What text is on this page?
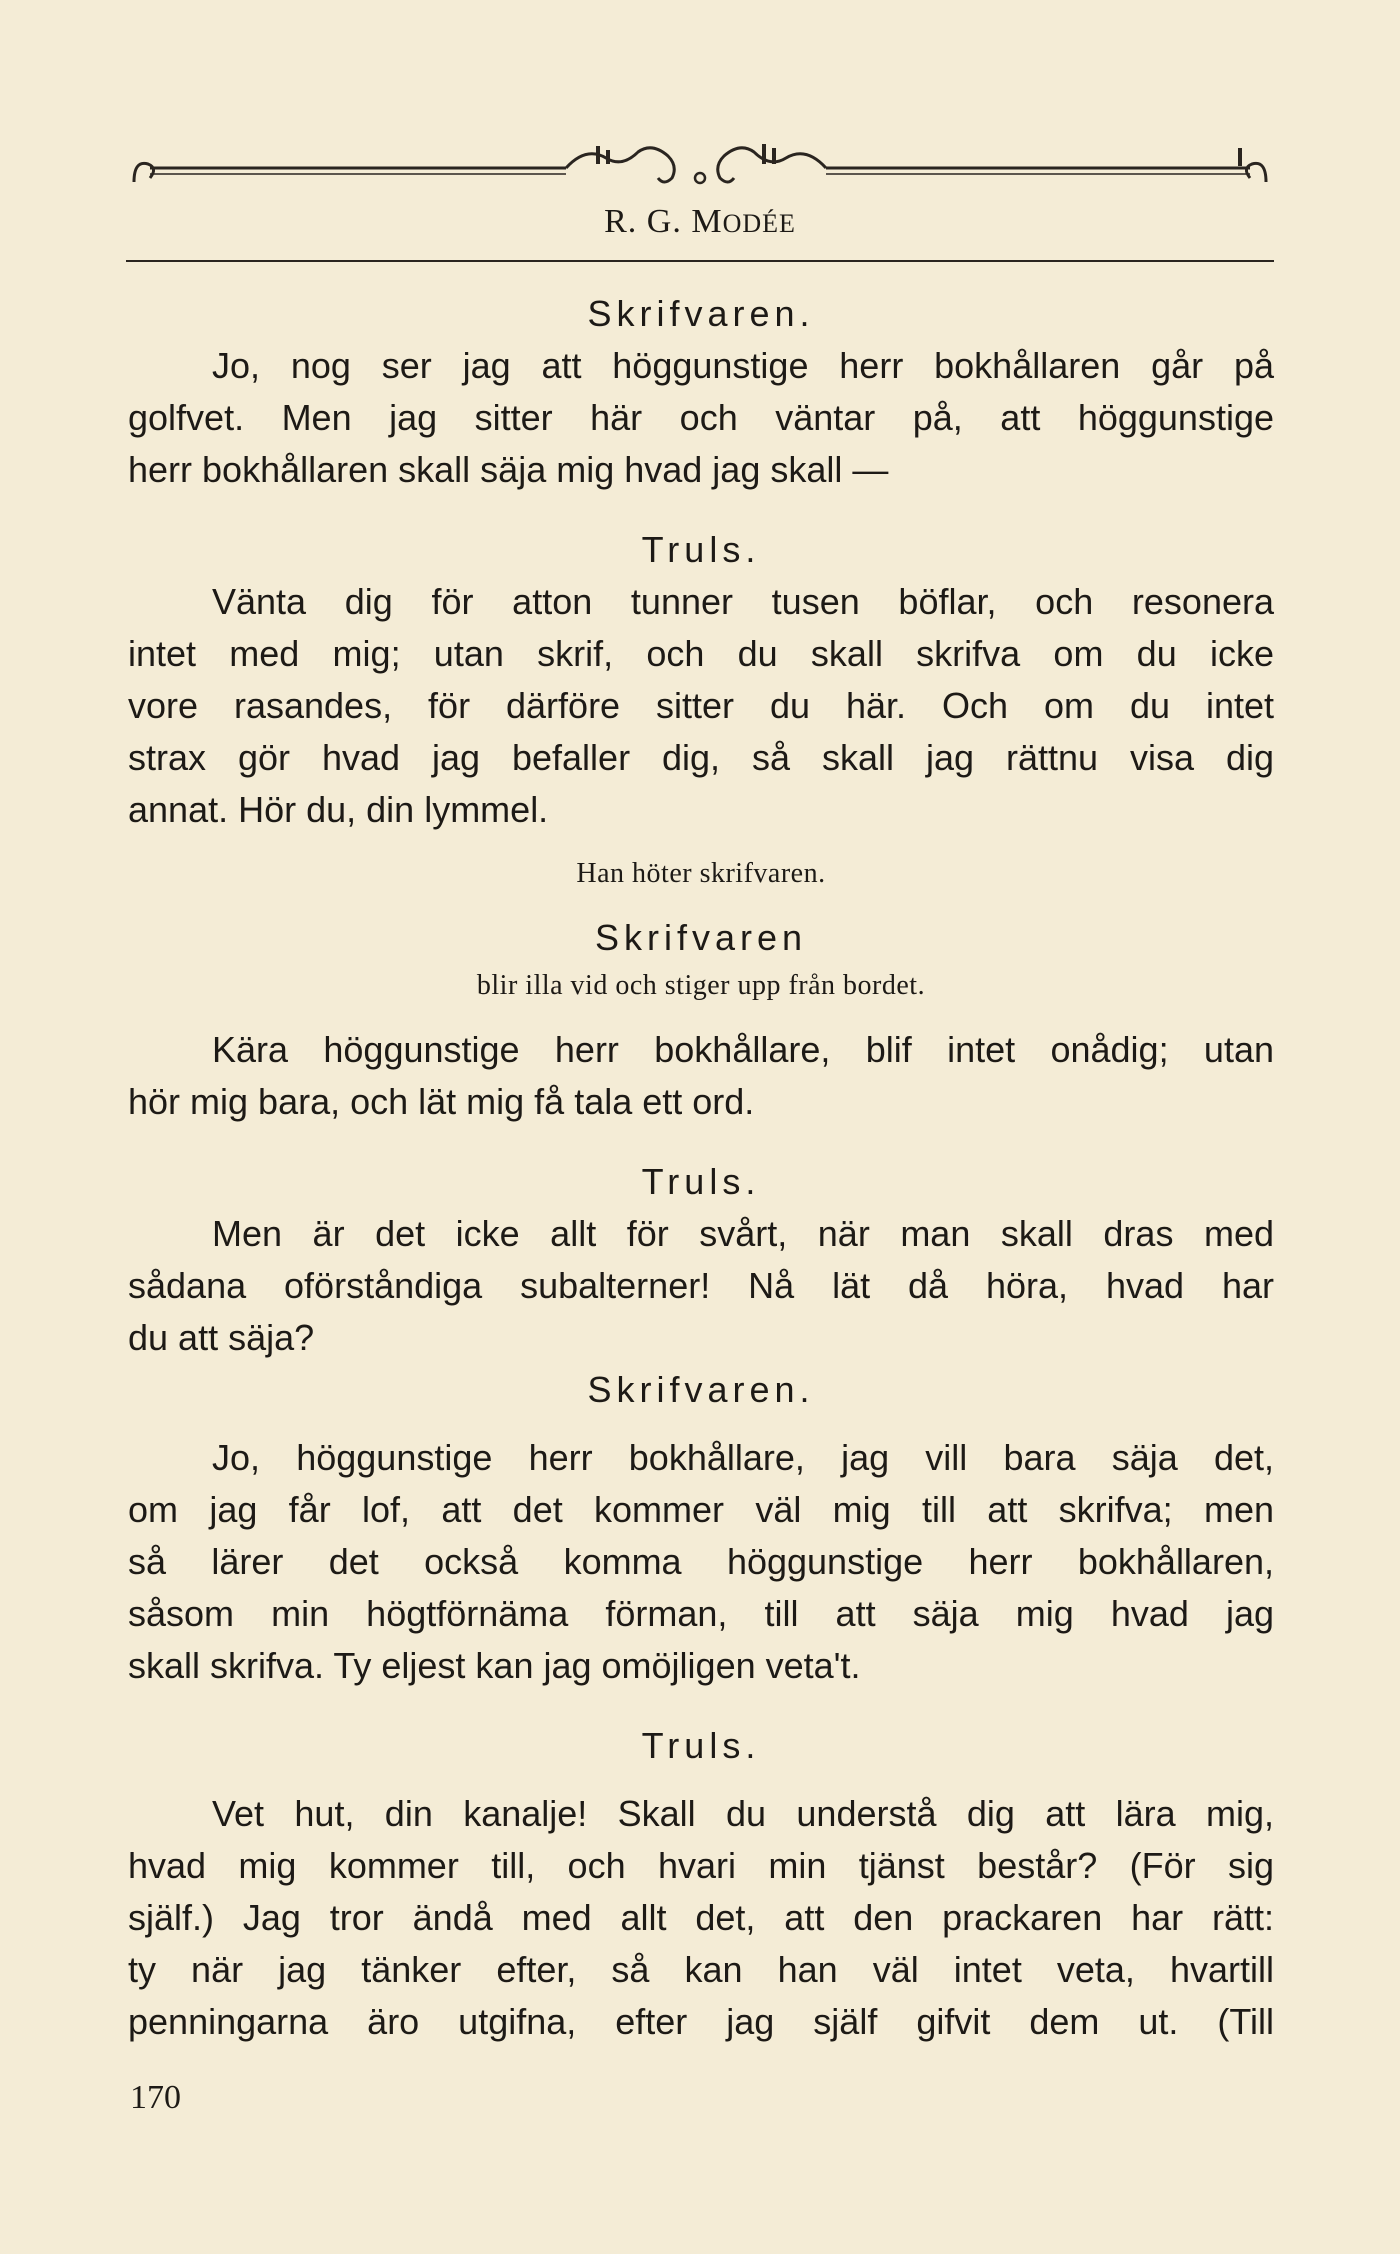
R. G. MODÉE

Skrifvaren.

Jo, nog ser jag att höggunstige herr bokhållaren går på

golfvet. Men jag sitter här och väntar på, att höggunstige

herr bokhållaren skall säja mig hvad jag skall —

Truls.

Vänta dig för atton tunner tusen böflar, och resonera

intet med mig; utan skrif, och du skall skrifva om du icke

vore rasandes, för därföre sitter du här. Och om du intet

strax gör hvad jag befaller dig, så skall jag rättnu visa dig

annat. Hör du, din lymmel.

Han höter skrifvaren.

Skrifvaren

blir illa vid och stiger upp från bordet.

Kära höggunstige herr bokhållare, blif intet onådig; utan

hör mig bara, och lät mig få tala ett ord.

Truls.

Men är det icke allt för svårt, när man skall dras med

sådana oförståndiga subalterner! Nå lät då höra, hvad har

du att säja?

Skrifvaren.

Jo, höggunstige herr bokhållare, jag vill bara säja det,

om jag får lof, att det kommer väl mig till att skrifva; men

så lärer det också komma höggunstige herr bokhållaren,

såsom min högtförnäma förman, till att säja mig hvad jag

skall skrifva. Ty eljest kan jag omöjligen veta't.

Truls.

Vet hut, din kanalje! Skall du understå dig att lära mig,

hvad mig kommer till, och hvari min tjänst består? (För sig

själf.) Jag tror ändå med allt det, att den prackaren har rätt:

ty när jag tänker efter, så kan han väl intet veta, hvartill

penningarna äro utgifna, efter jag själf gifvit dem ut. (Till

170
